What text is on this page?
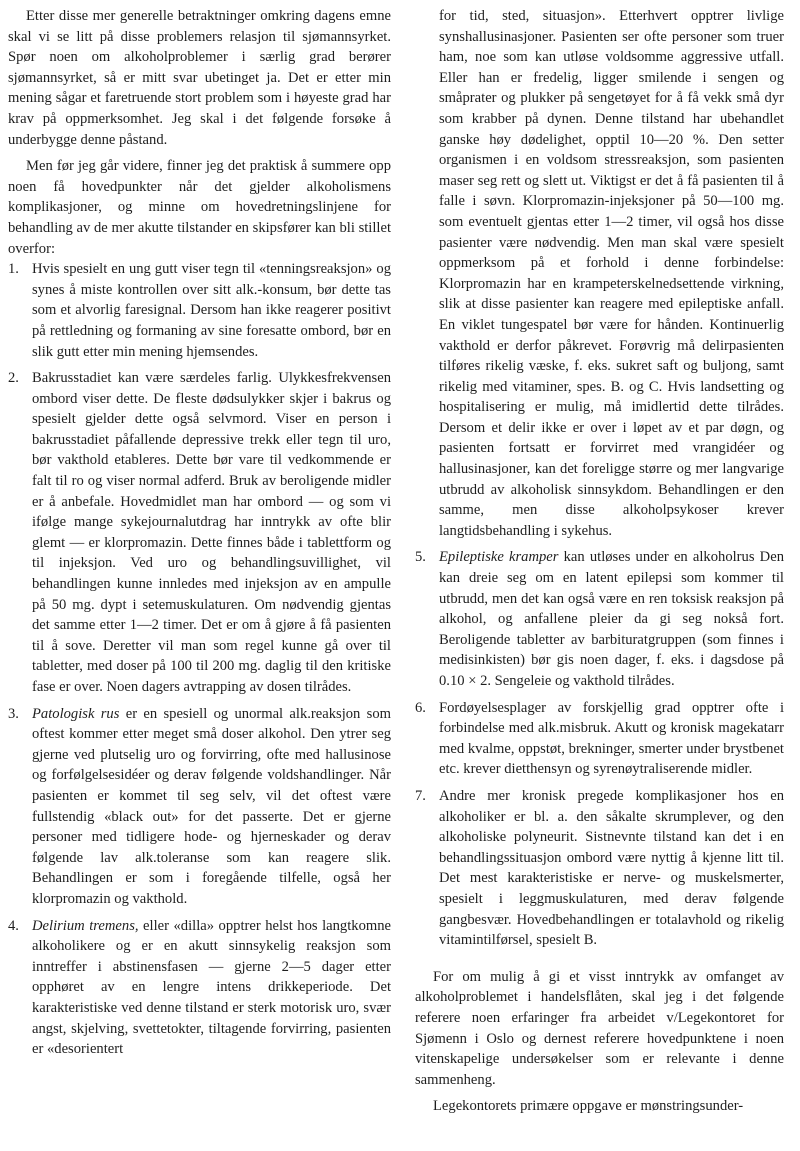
Etter disse mer generelle betraktninger omkring dagens emne skal vi se litt på disse problemers relasjon til sjømannsyrket. Spør noen om alkoholproblemer i særlig grad berører sjømannsyrket, så er mitt svar ubetinget ja. Det er etter min mening sågar et faretruende stort problem som i høyeste grad har krav på oppmerksomhet. Jeg skal i det følgende forsøke å underbygge denne påstand.

Men før jeg går videre, finner jeg det praktisk å summere opp noen få hovedpunkter når det gjelder alkoholismens komplikasjoner, og minne om hovedretningslinjene for behandling av de mer akutte tilstander en skipsfører kan bli stillet overfor:

1. Hvis spesielt en ung gutt viser tegn til «tenningsreaksjon» og synes å miste kontrollen over sitt alk.-konsum, bør dette tas som et alvorlig faresignal. Dersom han ikke reagerer positivt på rettledning og formaning av sine foresatte ombord, bør en slik gutt etter min mening hjemsendes.
2. Bakrusstadiet kan være særdeles farlig. Ulykkesfrekvensen ombord viser dette. De fleste dødsulykker skjer i bakrus og spesielt gjelder dette også selvmord. Viser en person i bakrusstadiet påfallende depressive trekk eller tegn til uro, bør vakthold etableres. Dette bør vare til vedkommende er falt til ro og viser normal adferd. Bruk av beroligende midler er å anbefale. Hovedmidlet man har ombord — og som vi ifølge mange sykejournalutdrag har inntrykk av ofte blir glemt — er klorpromazin. Dette finnes både i tablettform og til injeksjon. Ved uro og behandlingsuvillighet, vil behandlingen kunne innledes med injeksjon av en ampulle på 50 mg. dypt i setemuskulaturen. Om nødvendig gjentas det samme etter 1—2 timer. Det er om å gjøre å få pasienten til å sove. Deretter vil man som regel kunne gå over til tabletter, med doser på 100 til 200 mg. daglig til den kritiske fase er over. Noen dagers avtrapping av dosen tilrådes.
3. Patologisk rus er en spesiell og unormal alk.reaksjon som oftest kommer etter meget små doser alkohol. Den ytrer seg gjerne ved plutselig uro og forvirring, ofte med hallusinose og forfølgelsesidéer og derav følgende voldshandlinger. Når pasienten er kommet til seg selv, vil det oftest være fullstendig «black out» for det passerte. Det er gjerne personer med tidligere hode- og hjerneskader og derav følgende lav alk.toleranse som kan reagere slik. Behandlingen er som i foregående tilfelle, også her klorpromazin og vakthold.
4. Delirium tremens, eller «dilla» opptrer helst hos langtkomne alkoholikere og er en akutt sinnsykelig reaksjon som inntreffer i abstinensfasen — gjerne 2—5 dager etter opphøret av en lengre intens drikkeperiode. Det karakteristiske ved denne tilstand er sterk motorisk uro, svær angst, skjelving, svettetokter, tiltagende forvirring, pasienten er «desorientert

for tid, sted, situasjon». Etterhvert opptrer livlige synshallusinasjoner. Pasienten ser ofte personer som truer ham, noe som kan utløse voldsomme aggressive utfall. Eller han er fredelig, ligger smilende i sengen og småprater og plukker på sengetøyet for å få vekk små dyr som krabber på dynen. Denne tilstand har ubehandlet ganske høy dødelighet, opptil 10—20 %. Den setter organismen i en voldsom stressreaksjon, som pasienten maser seg rett og slett ut. Viktigst er det å få pasienten til å falle i søvn. Klorpromazin-injeksjoner på 50—100 mg. som eventuelt gjentas etter 1—2 timer, vil også hos disse pasienter være nødvendig. Men man skal være spesielt oppmerksom på et forhold i denne forbindelse: Klorpromazin har en krampeterskelnedsettende virkning, slik at disse pasienter kan reagere med epileptiske anfall. En viklet tungespatel bør være for hånden. Kontinuerlig vakthold er derfor påkrevet. Forøvrig må delirpasienten tilføres rikelig væske, f. eks. sukret saft og buljong, samt rikelig med vitaminer, spes. B. og C. Hvis landsetting og hospitalisering er mulig, må imidlertid dette tilrådes. Dersom et delir ikke er over i løpet av et par døgn, og pasienten fortsatt er forvirret med vrangidéer og hallusinasjoner, kan det foreligge større og mer langvarige utbrudd av alkoholisk sinnsykdom. Behandlingen er den samme, men disse alkoholpsykoser krever langtidsbehandling i sykehus.

5. Epileptiske kramper kan utløses under en alkoholrus Den kan dreie seg om en latent epilepsi som kommer til utbrudd, men det kan også være en ren toksisk reaksjon på alkohol, og anfallene pleier da gi seg nokså fort. Beroligende tabletter av barbituratgruppen (som finnes i medisinkisten) bør gis noen dager, f. eks. i dagsdose på 0.10 × 2. Sengeleie og vakthold tilrådes.
6. Fordøyelsesplager av forskjellig grad opptrer ofte i forbindelse med alk.misbruk. Akutt og kronisk magekatarr med kvalme, oppstøt, brekninger, smerter under brystbenet etc. krever dietthensyn og syrenøytraliserende midler.
7. Andre mer kronisk pregede komplikasjoner hos en alkoholiker er bl. a. den såkalte skrumplever, og den alkoholiske polyneurit. Sistnevnte tilstand kan det i en behandlingssituasjon ombord være nyttig å kjenne litt til. Det mest karakteristiske er nerve- og muskelsmerter, spesielt i leggmuskulaturen, med derav følgende gangbesvær. Hovedbehandlingen er totalavhold og rikelig vitamintilførsel, spesielt B.

For om mulig å gi et visst inntrykk av omfanget av alkoholproblemet i handelsflåten, skal jeg i det følgende referere noen erfaringer fra arbeidet v/Legekontoret for Sjømenn i Oslo og dernest referere hovedpunktene i noen vitenskapelige undersøkelser som er relevante i denne sammenheng.

Legekontorets primære oppgave er mønstringsunder-
